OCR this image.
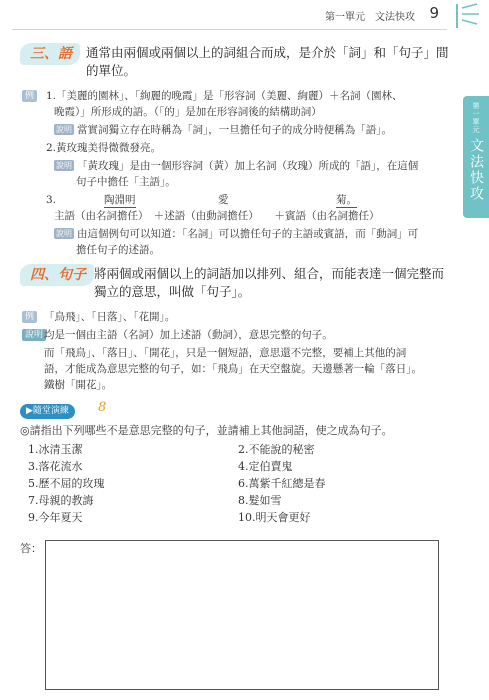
第一單元　文法快攻 9
第一單元
文法快攻
三、語	通常由兩個或兩個以上的詞組合而成，是介於「詞」和「句子」間
的單位。
例 1.「美麗的園林」、「絢麗的晚霞」是「形容詞（美麗、絢麗）＋名詞（園林、
晚霞）」所形成的語。（「的」是加在形容詞後的結構助詞）
說明 當實詞獨立存在時稱為「詞」，一旦擔任句子的成分時便稱為「語」。
2.黃玫瑰美得微微發亮。
說明 「黃玫瑰」是由一個形容詞（黃）加上名詞（玫瑰）所成的「語」，在這個
句子中擔任「主語」。
3.	陶淵明	愛	菊。
主語（由名詞擔任）　＋述語（由動詞擔任）　　＋賓語（由名詞擔任）
說明 由這個例句可以知道：「名詞」可以擔任句子的主語或賓語，而「動詞」可
擔任句子的述語。
四、句子 將兩個或兩個以上的詞語加以排列、組合，而能表達一個完整而
獨立的意思，叫做「句子」。
例 「鳥飛」、「日落」、「花開」。
說明 均是一個由主語（名詞）加上述語（動詞），意思完整的句子。
而「飛鳥」、「落日」、「開花」，只是一個短語，意思還不完整，要補上其他的詞
語，才能成為意思完整的句子，如：「飛鳥」在天空盤旋。天邊懸著一輪「落日」。
鐵樹「開花」。
▶隨堂演練	8
◎請指出下列哪些不是意思完整的句子，並請補上其他詞語，使之成為句子。
1.冰清玉潔	2.不能說的秘密
3.落花流水	4.定伯賣鬼
5.歷不屈的玫瑰	6.萬紫千紅總是春
7.母親的教誨	8.髮如雪
9.今年夏天	10.明天會更好
答：
